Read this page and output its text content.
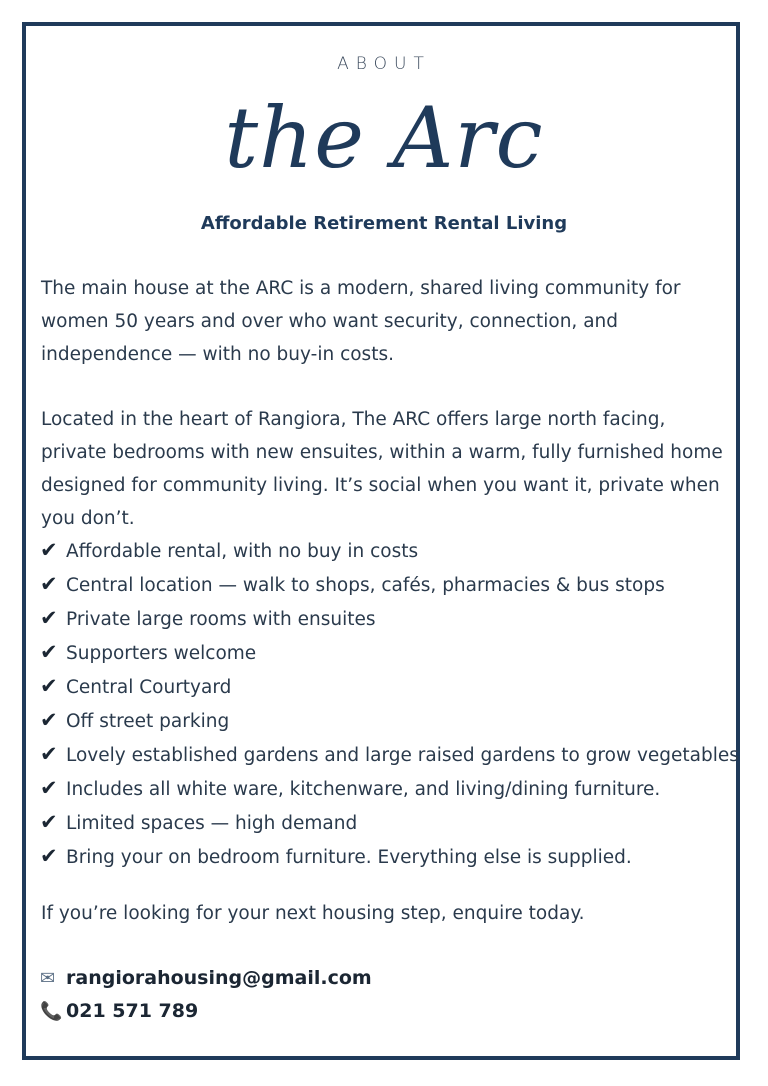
ABOUT
the Arc
Affordable Retirement Rental Living

The main house at the ARC is a modern, shared living community for women 50 years and over who want security, connection, and independence — with no buy-in costs.

Located in the heart of Rangiora, The ARC offers large north facing, private bedrooms with new ensuites, within a warm, fully furnished home designed for community living. It’s social when you want it, private when you don’t.

✔ Affordable rental, with no buy in costs
✔ Central location — walk to shops, cafés, pharmacies & bus stops
✔ Private large rooms with ensuites
✔ Supporters welcome
✔ Central Courtyard
✔ Off street parking
✔ Lovely established gardens and large raised gardens to grow vegetables
✔ Includes all white ware, kitchenware, and living/dining furniture.
✔ Limited spaces — high demand
✔ Bring your on bedroom furniture. Everything else is supplied.

If you’re looking for your next housing step, enquire today.

✉ rangiorahousing@gmail.com
📞 021 571 789
